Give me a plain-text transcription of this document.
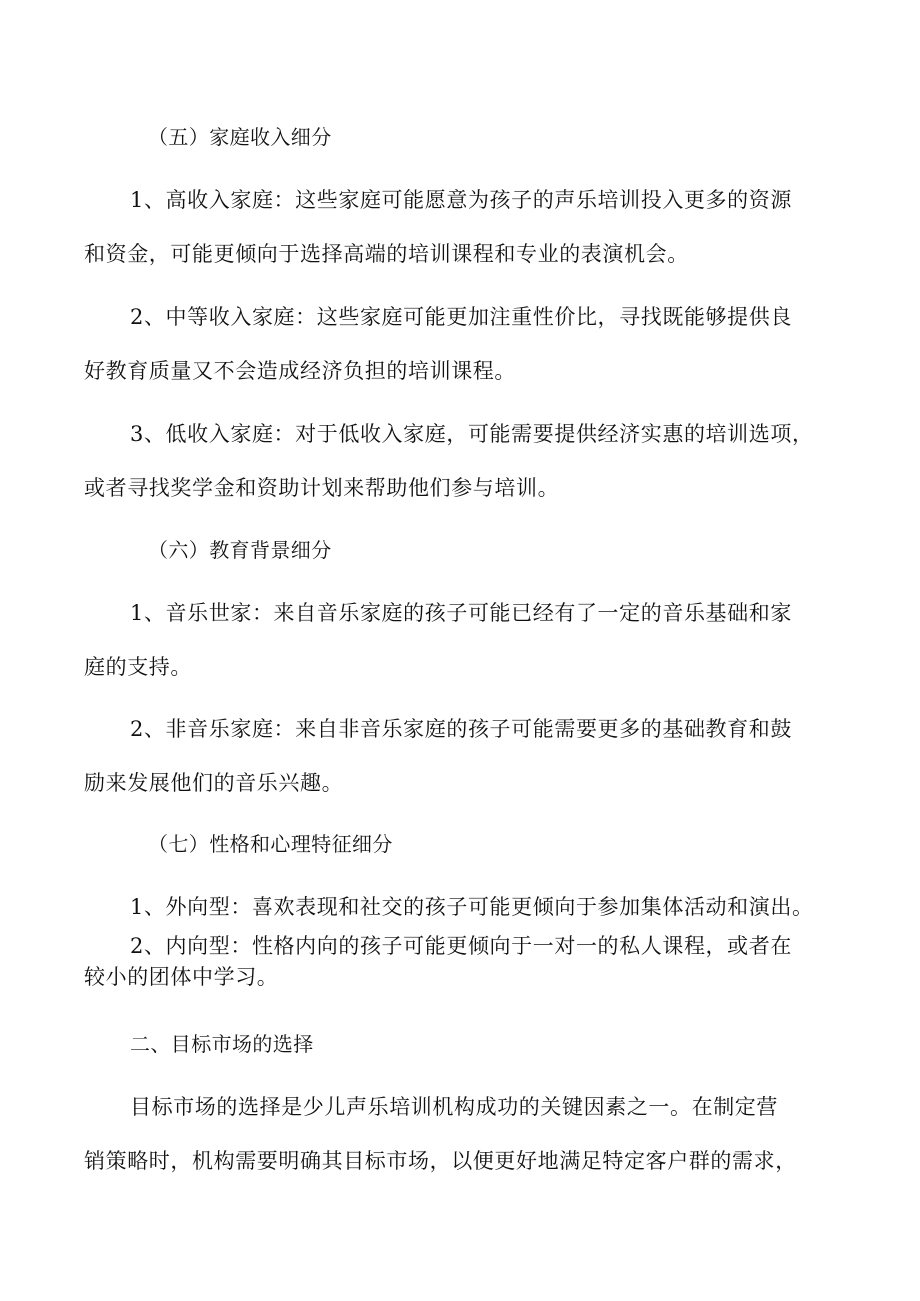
（五）家庭收入细分
1、高收入家庭：这些家庭可能愿意为孩子的声乐培训投入更多的资源
和资金，可能更倾向于选择高端的培训课程和专业的表演机会。
2、中等收入家庭：这些家庭可能更加注重性价比，寻找既能够提供良
好教育质量又不会造成经济负担的培训课程。
3、低收入家庭：对于低收入家庭，可能需要提供经济实惠的培训选项，
或者寻找奖学金和资助计划来帮助他们参与培训。
（六）教育背景细分
1、音乐世家：来自音乐家庭的孩子可能已经有了一定的音乐基础和家
庭的支持。
2、非音乐家庭：来自非音乐家庭的孩子可能需要更多的基础教育和鼓
励来发展他们的音乐兴趣。
（七）性格和心理特征细分
1、外向型：喜欢表现和社交的孩子可能更倾向于参加集体活动和演出。
2、内向型：性格内向的孩子可能更倾向于一对一的私人课程，或者在
较小的团体中学习。
二、目标市场的选择
目标市场的选择是少儿声乐培训机构成功的关键因素之一。在制定营
销策略时，机构需要明确其目标市场，以便更好地满足特定客户群的需求，
